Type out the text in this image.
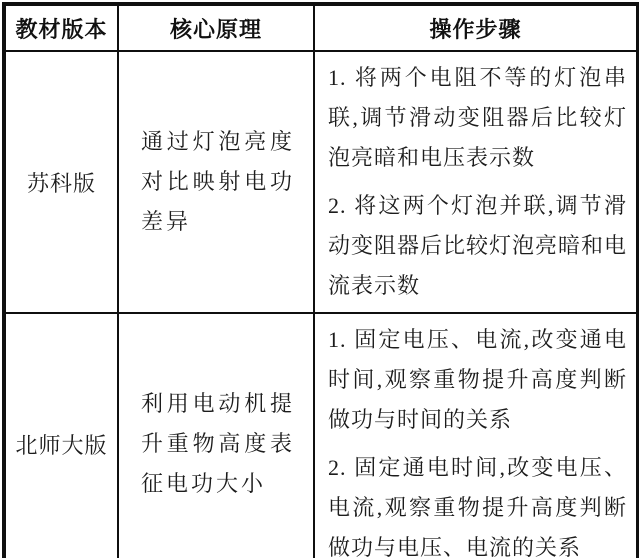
教材版本	核心原理	操作步骤
苏科版	通过灯泡亮度对比映射电功差异	1. 将两个电阻不等的灯泡串联,调节滑动变阻器后比较灯泡亮暗和电压表示数

2. 将这两个灯泡并联,调节滑动变阻器后比较灯泡亮暗和电流表示数

北师大版	利用电动机提升重物高度表征电功大小	1. 固定电压、电流,改变通电时间,观察重物提升高度判断做功与时间的关系

2. 固定通电时间,改变电压、电流,观察重物提升高度判断做功与电压、电流的关系
